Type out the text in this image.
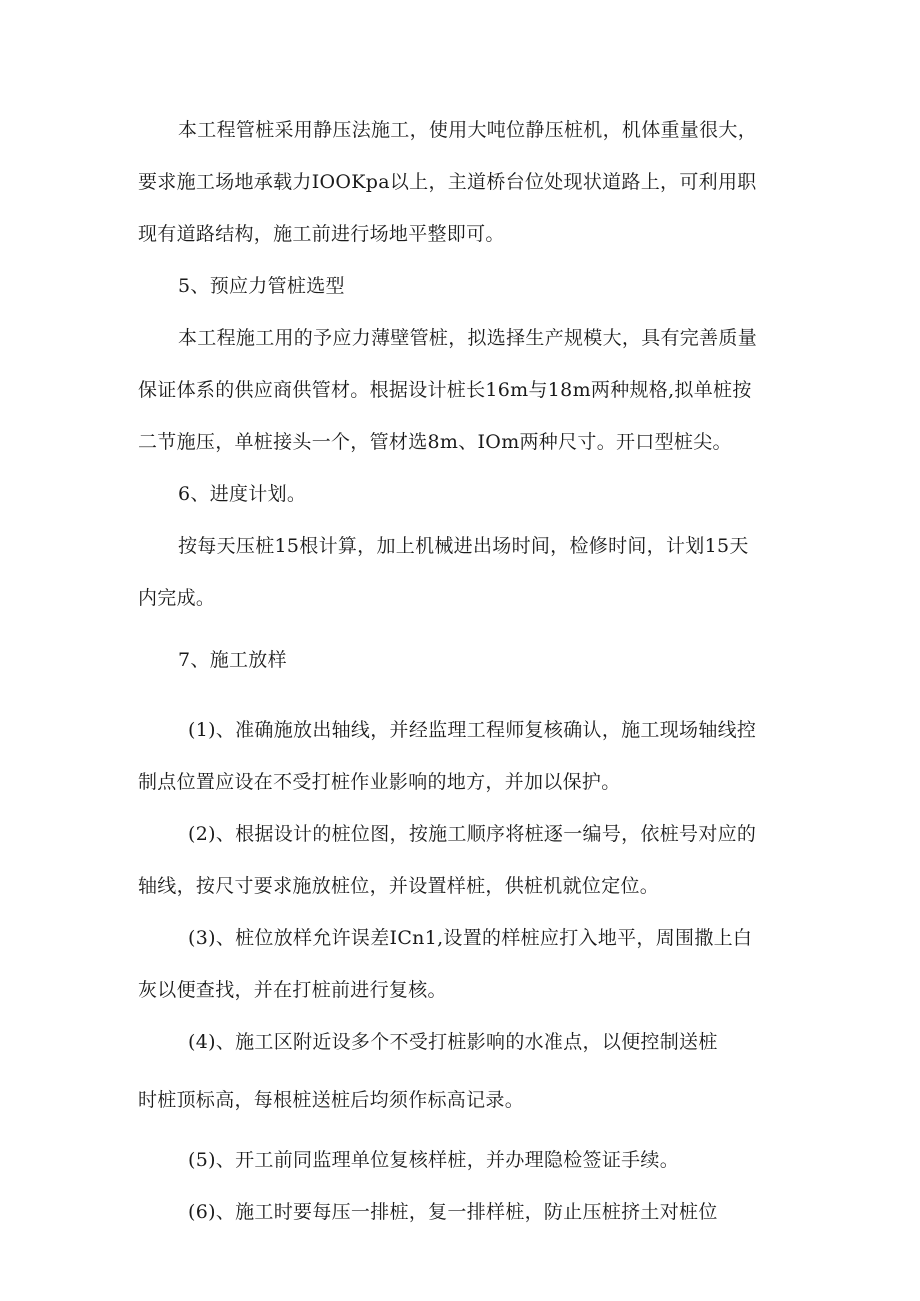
本工程管桩采用静压法施工，使用大吨位静压桩机，机体重量很大，
要求施工场地承载力IOOKpa以上，主道桥台位处现状道路上，可利用职
现有道路结构，施工前进行场地平整即可。
5、预应力管桩选型
本工程施工用的予应力薄壁管桩，拟选择生产规模大，具有完善质量
保证体系的供应商供管材。根据设计桩长16m与18m两种规格,拟单桩按
二节施压，单桩接头一个，管材选8m、IOm两种尺寸。开口型桩尖。
6、进度计划。
按每天压桩15根计算，加上机械进出场时间，检修时间，计划15天
内完成。
7、施工放样
(1)、准确施放出轴线，并经监理工程师复核确认，施工现场轴线控
制点位置应设在不受打桩作业影响的地方，并加以保护。
(2)、根据设计的桩位图，按施工顺序将桩逐一编号，依桩号对应的
轴线，按尺寸要求施放桩位，并设置样桩，供桩机就位定位。
(3)、桩位放样允许误差ICn1,设置的样桩应打入地平，周围撒上白
灰以便查找，并在打桩前进行复核。
(4)、施工区附近设多个不受打桩影响的水准点，以便控制送桩
时桩顶标高，每根桩送桩后均须作标高记录。
(5)、开工前同监理单位复核样桩，并办理隐检签证手续。
(6)、施工时要每压一排桩，复一排样桩，防止压桩挤土对桩位
